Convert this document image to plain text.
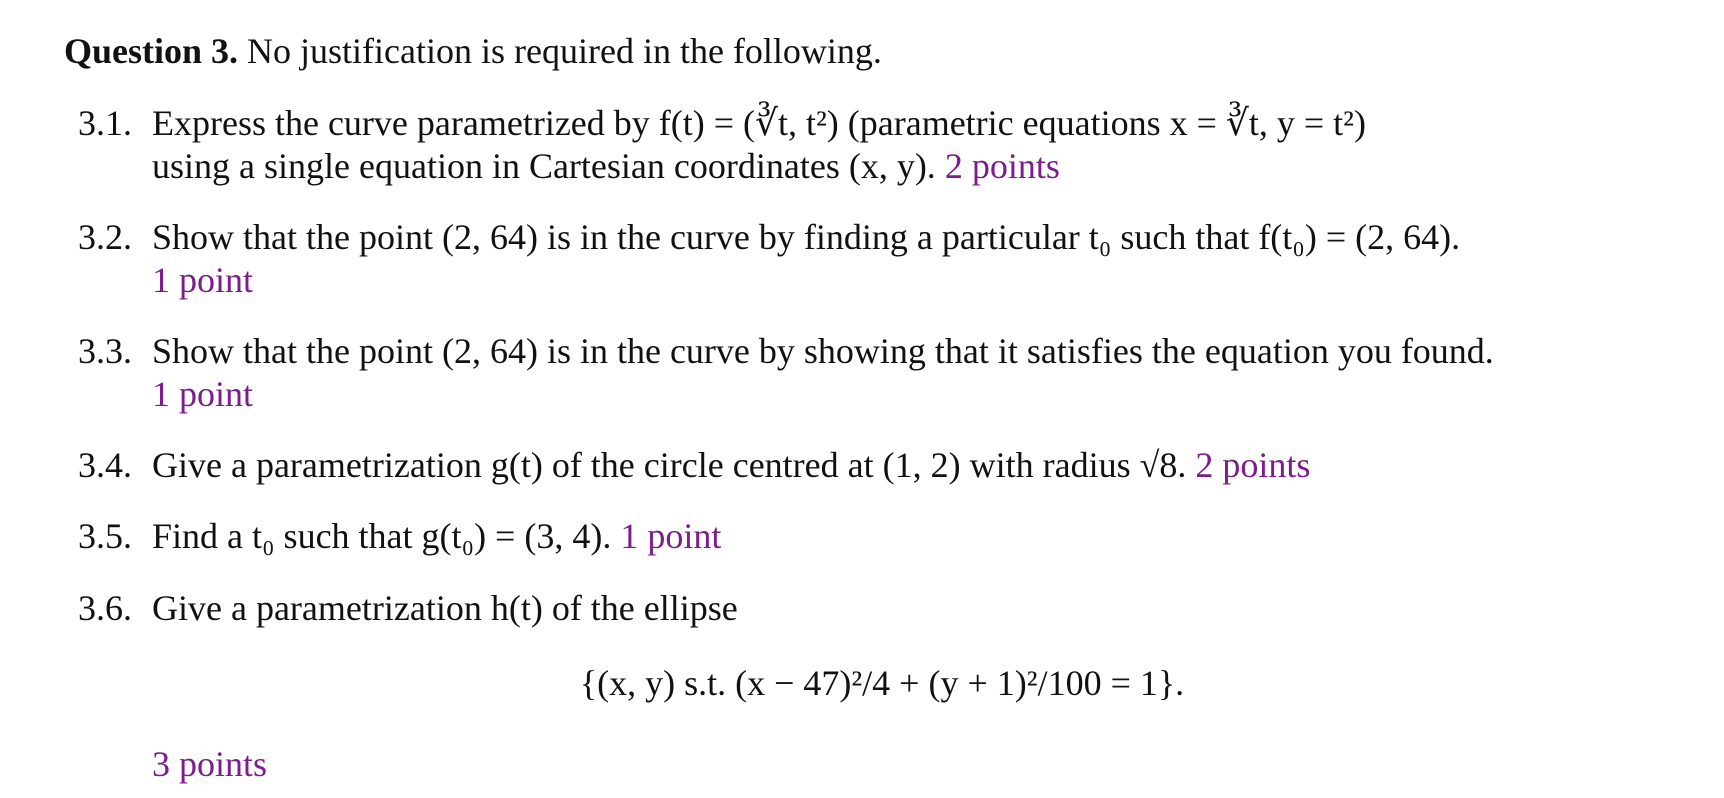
Question 3. No justification is required in the following.
3.1. Express the curve parametrized by f(t) = (∛t, t²) (parametric equations x = ∛t, y = t²)
using a single equation in Cartesian coordinates (x, y). 2 points
3.2. Show that the point (2, 64) is in the curve by finding a particular t₀ such that f(t₀) = (2, 64).
1 point
3.3. Show that the point (2, 64) is in the curve by showing that it satisfies the equation you found.
1 point
3.4. Give a parametrization g(t) of the circle centred at (1, 2) with radius √8. 2 points
3.5. Find a t₀ such that g(t₀) = (3, 4). 1 point
3.6. Give a parametrization h(t) of the ellipse
{(x, y) s.t. (x − 47)²/4 + (y + 1)²/100 = 1}.
3 points
